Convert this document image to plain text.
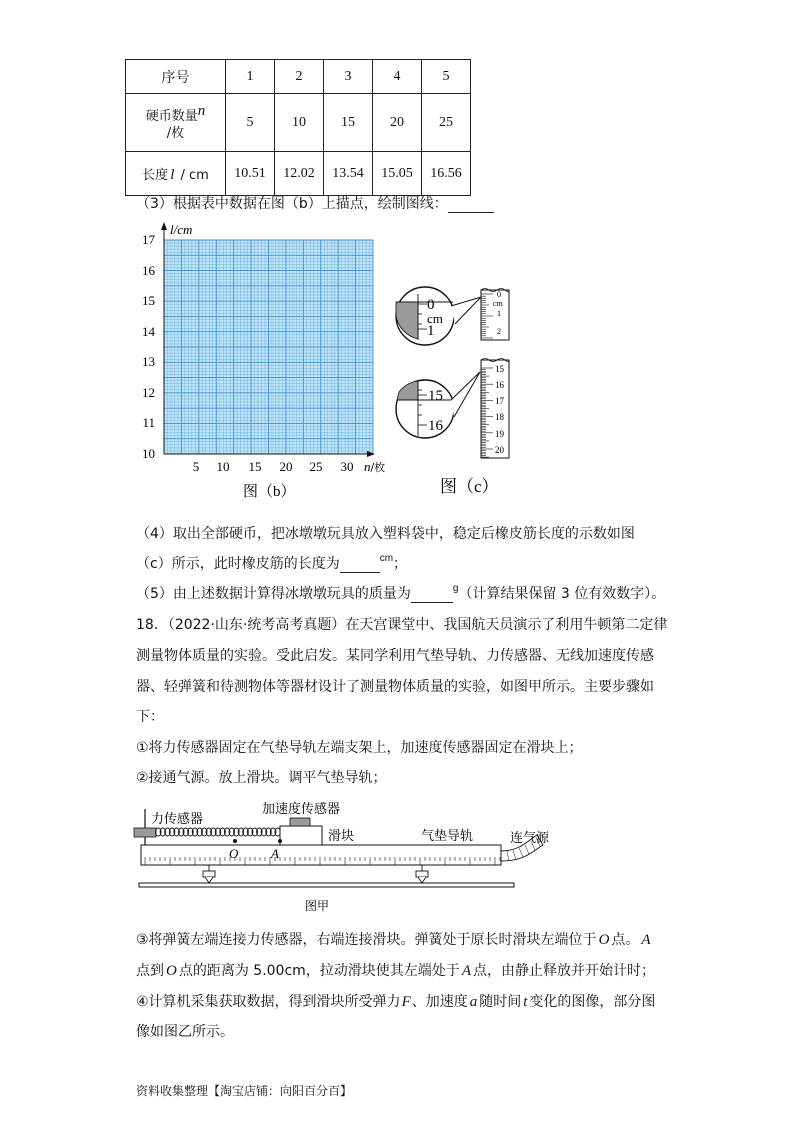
序号	1	2	3	4	5
硬币数量n
/枚	5	10	15	20	25
长度 l / cm	10.51	12.02	13.54	15.05	16.56
（3）根据表中数据在图（b）上描点，绘制图线：
l/cm
10
11
12
13
14
15
16
17
5 10 15 20 25 30 n/枚
图（b）
0
cm
1
0
cm
1
2
15
16
15
16
17
18
19
20
图（c）
（4）取出全部硬币，把冰墩墩玩具放入塑料袋中，稳定后橡皮筋长度的示数如图
（c）所示，此时橡皮筋的长度为	$^{cm}$；
（5）由上述数据计算得冰墩墩玩具的质量为	$^g$（计算结果保留 3 位有效数字）。
18．（2022·山东·统考高考真题）在天宫课堂中、我国航天员演示了利用牛顿第二定律
测量物体质量的实验。受此启发。某同学利用气垫导轨、力传感器、无线加速度传感
器、轻弹簧和待测物体等器材设计了测量物体质量的实验，如图甲所示。主要步骤如
下：
①将力传感器固定在气垫导轨左端支架上，加速度传感器固定在滑块上；
②接通气源。放上滑块。调平气垫导轨；
O	A
力传感器
加速度传感器
滑块	气垫导轨	连气源
图甲
③将弹簧左端连接力传感器，右端连接滑块。弹簧处于原长时滑块左端位于 O 点。 A
点到 O 点的距离为 5.00cm，拉动滑块使其左端处于 A 点，由静止释放并开始计时；
④计算机采集获取数据，得到滑块所受弹力F、加速度 a 随时间 t 变化的图像，部分图
像如图乙所示。
资料收集整理【淘宝店铺：向阳百分百】
